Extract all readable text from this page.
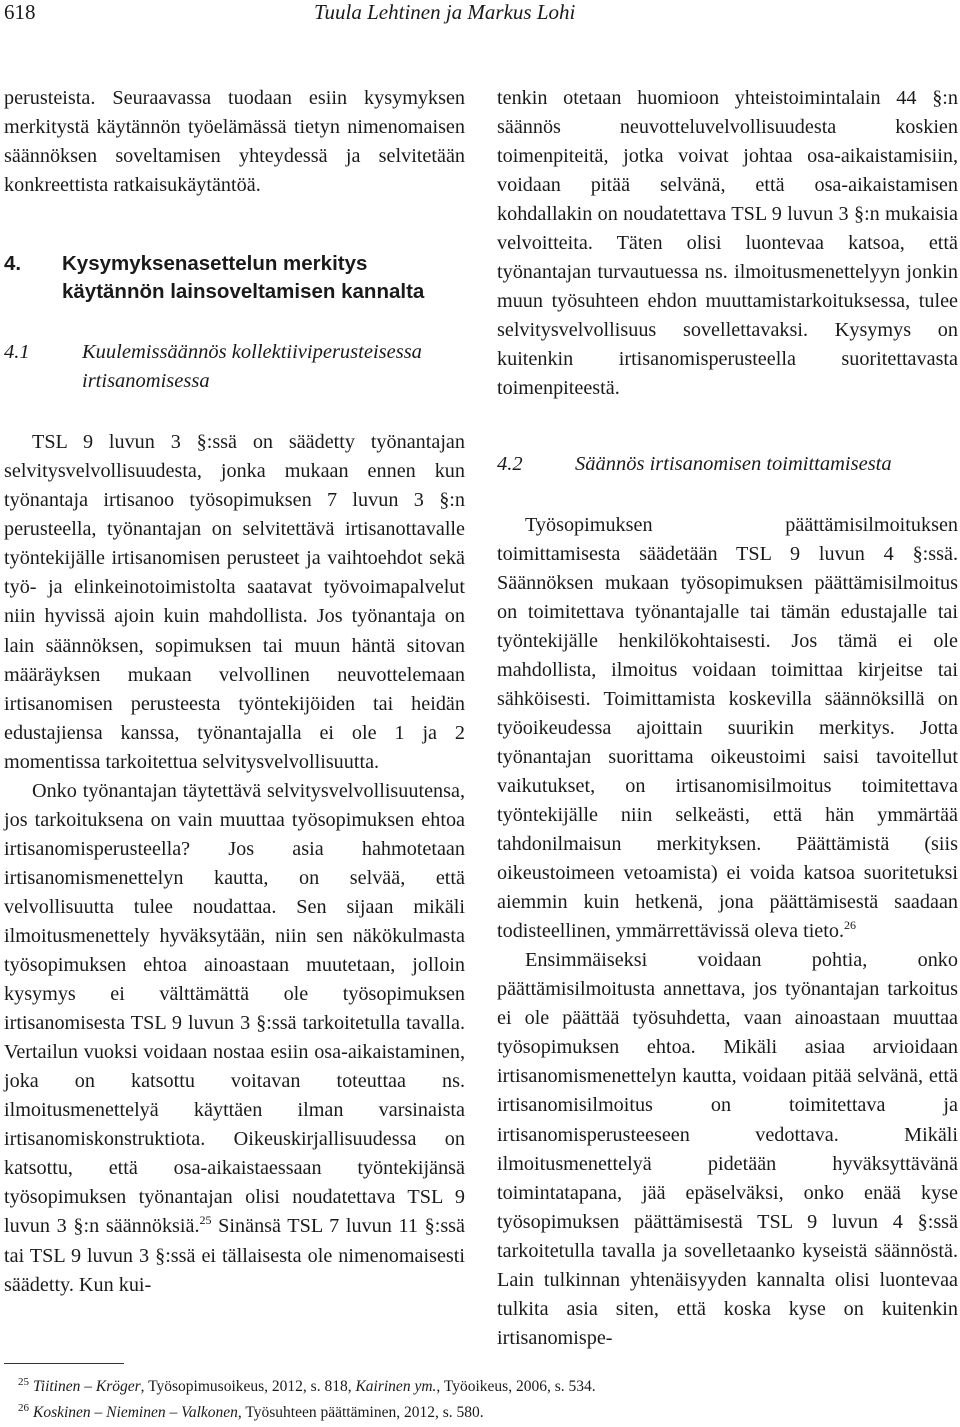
618	Tuula Lehtinen ja Markus Lohi

perusteista. Seuraavassa tuodaan esiin kysymyksen merkitystä käytännön työelämässä tietyn nimenomaisen säännöksen soveltamisen yhteydessä ja selvitetään konkreettista ratkaisukäytäntöä.

4.	Kysymyksenasettelun merkitys käytännön lainsoveltamisen kannalta
4.1	Kuulemissäännös kollektiiviperusteisessa irtisanomisessa

TSL 9 luvun 3 §:ssä on säädetty työnantajan selvitysvelvollisuudesta, jonka mukaan ennen kun työnantaja irtisanoo työsopimuksen 7 luvun 3 §:n perusteella, työnantajan on selvitettävä irtisanottavalle työntekijälle irtisanomisen perusteet ja vaihtoehdot sekä työ- ja elinkeinotoimistolta saatavat työvoimapalvelut niin hyvissä ajoin kuin mahdollista. Jos työnantaja on lain säännöksen, sopimuksen tai muun häntä sitovan määräyksen mukaan velvollinen neuvottelemaan irtisanomisen perusteesta työntekijöiden tai heidän edustajiensa kanssa, työnantajalla ei ole 1 ja 2 momentissa tarkoitettua selvitysvelvollisuutta.

Onko työnantajan täytettävä selvitysvelvollisuutensa, jos tarkoituksena on vain muuttaa työsopimuksen ehtoa irtisanomisperusteella? Jos asia hahmotetaan irtisanomismenettelyn kautta, on selvää, että velvollisuutta tulee noudattaa. Sen sijaan mikäli ilmoitusmenettely hyväksytään, niin sen näkökulmasta työsopimuksen ehtoa ainoastaan muutetaan, jolloin kysymys ei välttämättä ole työsopimuksen irtisanomisesta TSL 9 luvun 3 §:ssä tarkoitetulla tavalla. Vertailun vuoksi voidaan nostaa esiin osa-aikaistaminen, joka on katsottu voitavan toteuttaa ns. ilmoitusmenettelyä käyttäen ilman varsinaista irtisanomiskonstruktiota. Oikeuskirjallisuudessa on katsottu, että osa-aikaistaessaan työntekijänsä työsopimuksen työnantajan olisi noudatettava TSL 9 luvun 3 §:n säännöksiä.$^{25}$ Sinänsä TSL 7 luvun 11 §:ssä tai TSL 9 luvun 3 §:ssä ei tällaisesta ole nimenomaisesti säädetty. Kun kui-

tenkin otetaan huomioon yhteistoimintalain 44 §:n säännös neuvotteluvelvollisuudesta koskien toimenpiteitä, jotka voivat johtaa osa-aikaistamisiin, voidaan pitää selvänä, että osa-aikaistamisen kohdallakin on noudatettava TSL 9 luvun 3 §:n mukaisia velvoitteita. Täten olisi luontevaa katsoa, että työnantajan turvautuessa ns. ilmoitusmenettelyyn jonkin muun työsuhteen ehdon muuttamistarkoituksessa, tulee selvitysvelvollisuus sovellettavaksi. Kysymys on kuitenkin irtisanomisperusteella suoritettavasta toimenpiteestä.

4.2	Säännös irtisanomisen toimittamisesta

Työsopimuksen päättämisilmoituksen toimittamisesta säädetään TSL 9 luvun 4 §:ssä. Säännöksen mukaan työsopimuksen päättämisilmoitus on toimitettava työnantajalle tai tämän edustajalle tai työntekijälle henkilökohtaisesti. Jos tämä ei ole mahdollista, ilmoitus voidaan toimittaa kirjeitse tai sähköisesti. Toimittamista koskevilla säännöksillä on työoikeudessa ajoittain suurikin merkitys. Jotta työnantajan suorittama oikeustoimi saisi tavoitellut vaikutukset, on irtisanomisilmoitus toimitettava työntekijälle niin selkeästi, että hän ymmärtää tahdonilmaisun merkityksen. Päättämistä (siis oikeustoimeen vetoamista) ei voida katsoa suoritetuksi aiemmin kuin hetkenä, jona päättämisestä saadaan todisteellinen, ymmärrettävissä oleva tieto.$^{26}$

Ensimmäiseksi voidaan pohtia, onko päättämisilmoitusta annettava, jos työnantajan tarkoitus ei ole päättää työsuhdetta, vaan ainoastaan muuttaa työsopimuksen ehtoa. Mikäli asiaa arvioidaan irtisanomismenettelyn kautta, voidaan pitää selvänä, että irtisanomisilmoitus on toimitettava ja irtisanomisperusteeseen vedottava. Mikäli ilmoitusmenettelyä pidetään hyväksyttävänä toimintatapana, jää epäselväksi, onko enää kyse työsopimuksen päättämisestä TSL 9 luvun 4 §:ssä tarkoitetulla tavalla ja sovelletaanko kyseistä säännöstä. Lain tulkinnan yhtenäisyyden kannalta olisi luontevaa tulkita asia siten, että koska kyse on kuitenkin irtisanomispe-

$^{25}$ Tiitinen – Kröger, Työsopimusoikeus, 2012, s. 818, Kairinen ym., Työoikeus, 2006, s. 534.
$^{26}$ Koskinen – Nieminen – Valkonen, Työsuhteen päättäminen, 2012, s. 580.
